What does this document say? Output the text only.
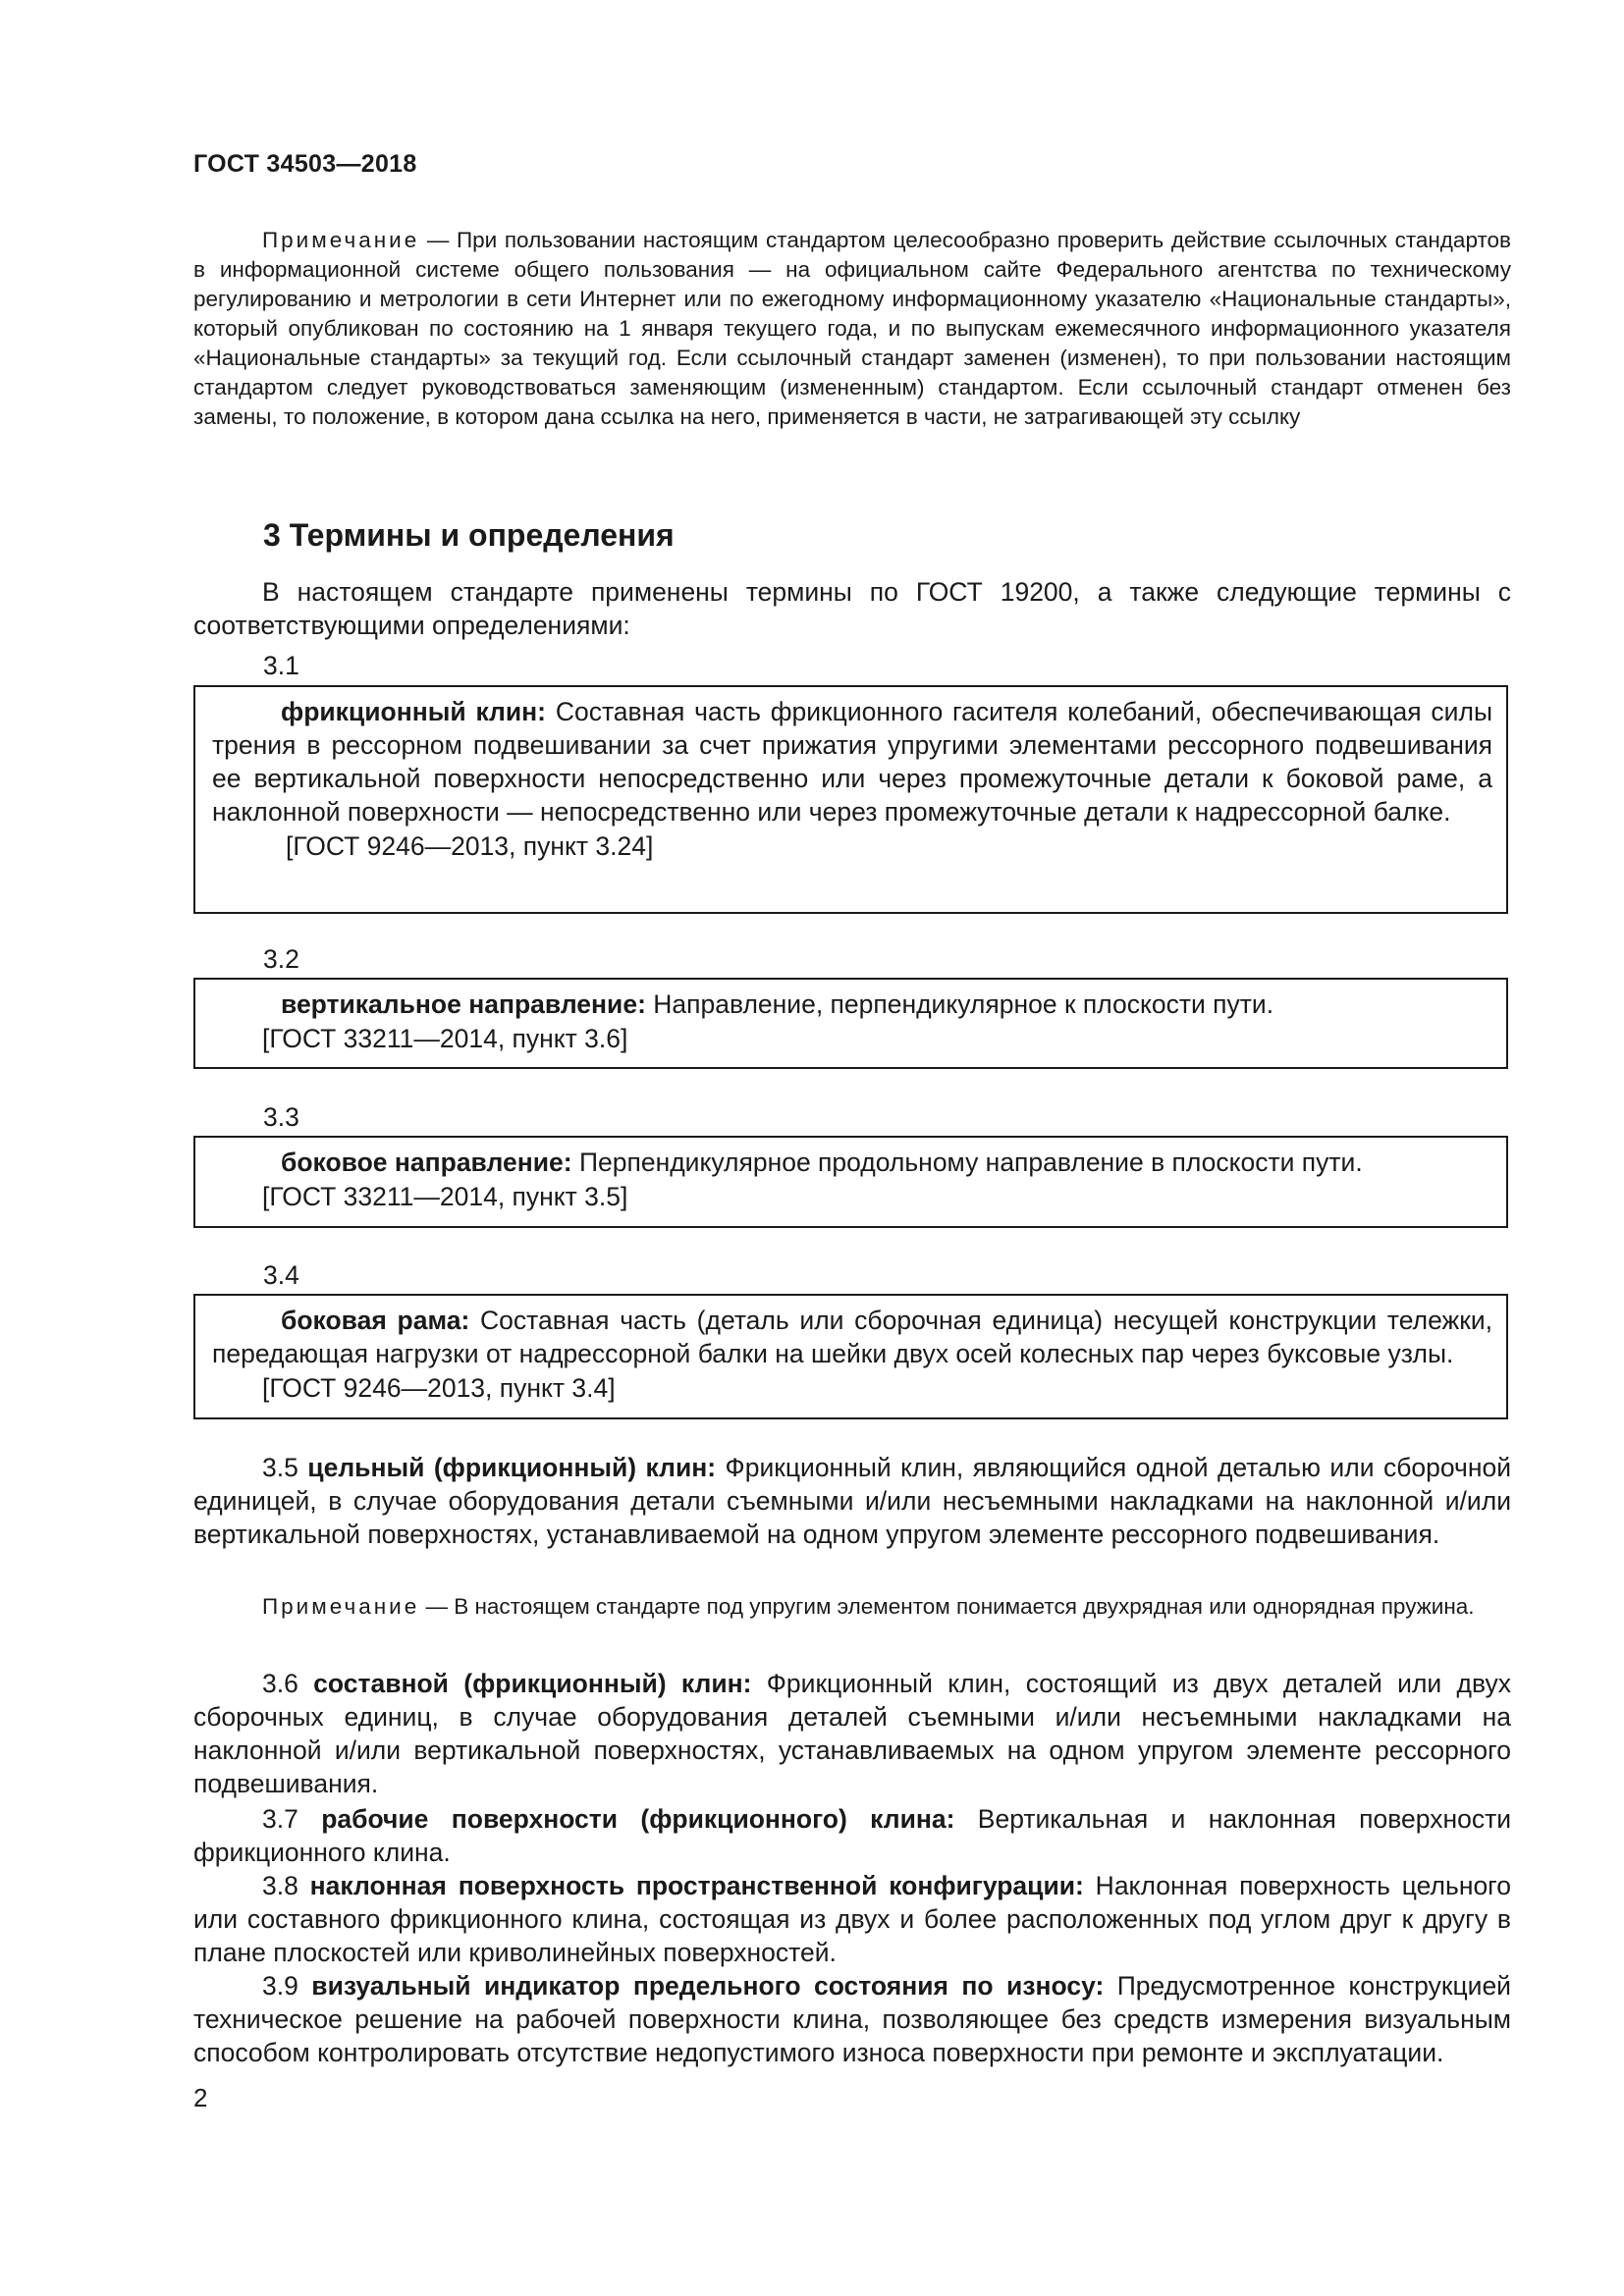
ГОСТ 34503—2018

Примечание — При пользовании настоящим стандартом целесообразно проверить действие ссылочных стандартов в информационной системе общего пользования — на официальном сайте Федерального агентства по техническому регулированию и метрологии в сети Интернет или по ежегодному информационному указателю «Национальные стандарты», который опубликован по состоянию на 1 января текущего года, и по выпускам ежемесячного информационного указателя «Национальные стандарты» за текущий год. Если ссылочный стандарт заменен (изменен), то при пользовании настоящим стандартом следует руководствоваться заменяющим (измененным) стандартом. Если ссылочный стандарт отменен без замены, то положение, в котором дана ссылка на него, применяется в части, не затрагивающей эту ссылку

3 Термины и определения

В настоящем стандарте применены термины по ГОСТ 19200, а также следующие термины с соответствующими определениями:

3.1

фрикционный клин: Составная часть фрикционного гасителя колебаний, обеспечивающая силы трения в рессорном подвешивании за счет прижатия упругими элементами рессорного подвешивания ее вертикальной поверхности непосредственно или через промежуточные детали к боковой раме, а наклонной поверхности — непосредственно или через промежуточные детали к надрессорной балке.

[ГОСТ 9246—2013, пункт 3.24]

3.2

вертикальное направление: Направление, перпендикулярное к плоскости пути.

[ГОСТ 33211—2014, пункт 3.6]

3.3

боковое направление: Перпендикулярное продольному направление в плоскости пути.

[ГОСТ 33211—2014, пункт 3.5]

3.4

боковая рама: Составная часть (деталь или сборочная единица) несущей конструкции тележки, передающая нагрузки от надрессорной балки на шейки двух осей колесных пар через буксовые узлы.

[ГОСТ 9246—2013, пункт 3.4]

3.5 цельный (фрикционный) клин: Фрикционный клин, являющийся одной деталью или сборочной единицей, в случае оборудования детали съемными и/или несъемными накладками на наклонной и/или вертикальной поверхностях, устанавливаемой на одном упругом элементе рессорного подвешивания.

Примечание — В настоящем стандарте под упругим элементом понимается двухрядная или однорядная пружина.

3.6 составной (фрикционный) клин: Фрикционный клин, состоящий из двух деталей или двух сборочных единиц, в случае оборудования деталей съемными и/или несъемными накладками на наклонной и/или вертикальной поверхностях, устанавливаемых на одном упругом элементе рессорного подвешивания.

3.7 рабочие поверхности (фрикционного) клина: Вертикальная и наклонная поверхности фрикционного клина.

3.8 наклонная поверхность пространственной конфигурации: Наклонная поверхность цельного или составного фрикционного клина, состоящая из двух и более расположенных под углом друг к другу в плане плоскостей или криволинейных поверхностей.

3.9 визуальный индикатор предельного состояния по износу: Предусмотренное конструкцией техническое решение на рабочей поверхности клина, позволяющее без средств измерения визуальным способом контролировать отсутствие недопустимого износа поверхности при ремонте и эксплуатации.

2
